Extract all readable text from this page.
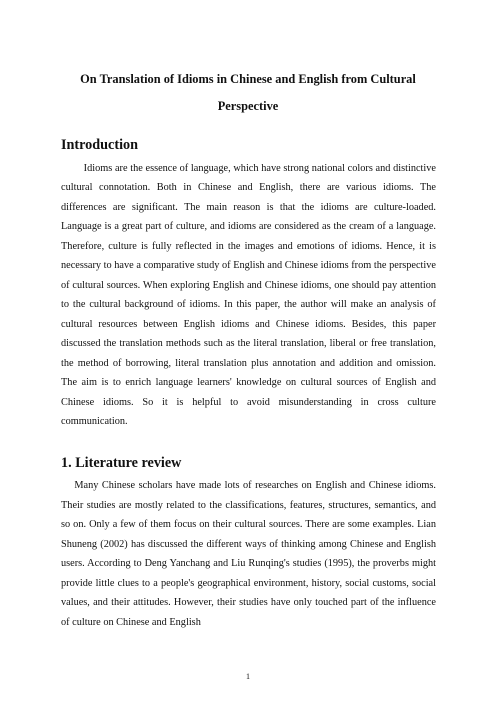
On Translation of Idioms in Chinese and English from Cultural Perspective
Introduction

Idioms are the essence of language, which have strong national colors and distinctive cultural connotation. Both in Chinese and English, there are various idioms. The differences are significant. The main reason is that the idioms are culture-loaded. Language is a great part of culture, and idioms are considered as the cream of a language. Therefore, culture is fully reflected in the images and emotions of idioms. Hence, it is necessary to have a comparative study of English and Chinese idioms from the perspective of cultural sources. When exploring English and Chinese idioms, one should pay attention to the cultural background of idioms. In this paper, the author will make an analysis of cultural resources between English idioms and Chinese idioms. Besides, this paper discussed the translation methods such as the literal translation, liberal or free translation, the method of borrowing, literal translation plus annotation and addition and omission. The aim is to enrich language learners' knowledge on cultural sources of English and Chinese idioms. So it is helpful to avoid misunderstanding in cross culture communication.

1. Literature review

Many Chinese scholars have made lots of researches on English and Chinese idioms. Their studies are mostly related to the classifications, features, structures, semantics, and so on. Only a few of them focus on their cultural sources. There are some examples. Lian Shuneng (2002) has discussed the different ways of thinking among Chinese and English users. According to Deng Yanchang and Liu Runqing's studies (1995), the proverbs might provide little clues to a people's geographical environment, history, social customs, social values, and their attitudes. However, their studies have only touched part of the influence of culture on Chinese and English

1
